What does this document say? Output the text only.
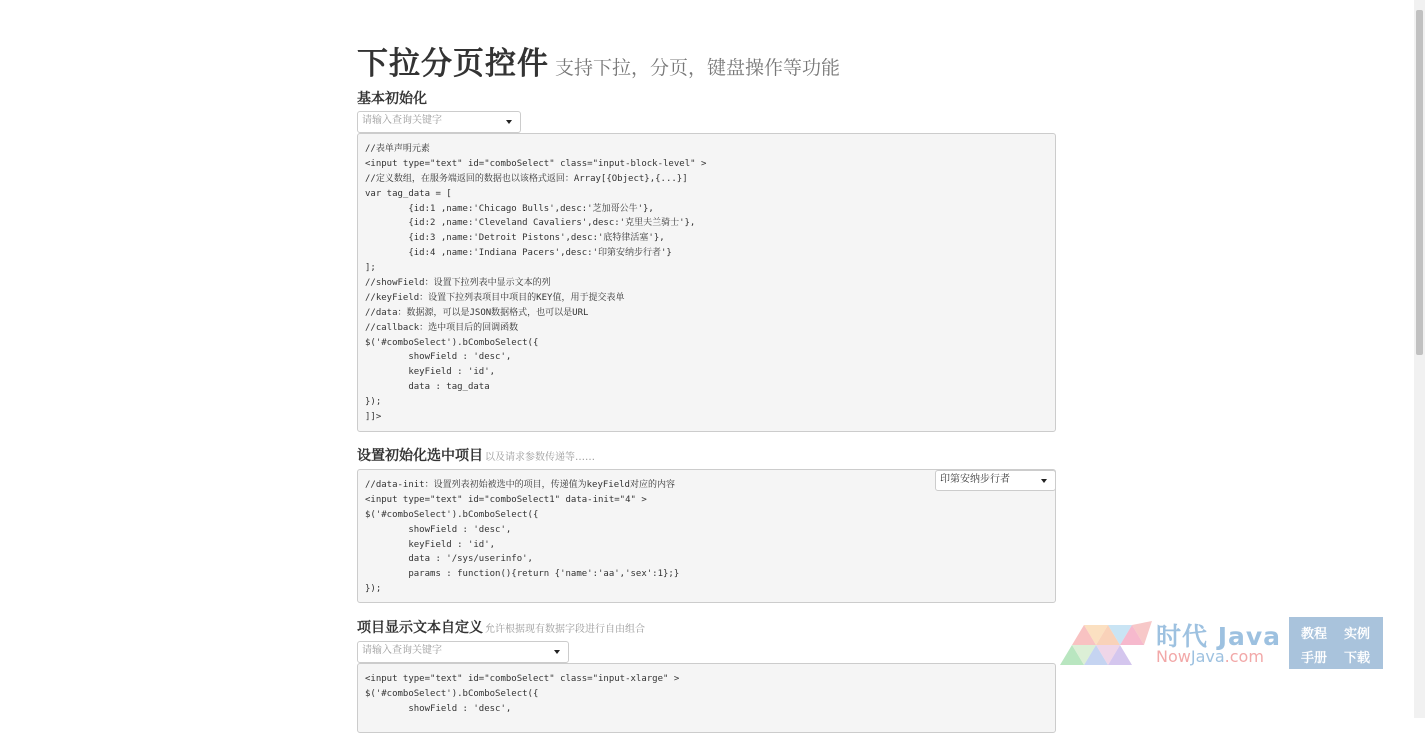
下拉分页控件 支持下拉，分页，键盘操作等功能
基本初始化
请输入查询关键字
//表单声明元素
<input type="text" id="comboSelect" class="input-block-level" >
//定义数组，在服务端返回的数据也以该格式返回：Array[{Object},{...}]
var tag_data = [
{id:1 ,name:'Chicago Bulls',desc:'芝加哥公牛'},
{id:2 ,name:'Cleveland Cavaliers',desc:'克里夫兰骑士'},
{id:3 ,name:'Detroit Pistons',desc:'底特律活塞'},
{id:4 ,name:'Indiana Pacers',desc:'印第安纳步行者'}
];
//showField：设置下拉列表中显示文本的列
//keyField：设置下拉列表项目中项目的KEY值，用于提交表单
//data：数据源，可以是JSON数据格式，也可以是URL
//callback：选中项目后的回调函数
$('#comboSelect').bComboSelect({
showField : 'desc',
keyField : 'id',
data : tag_data
});
]]>
设置初始化选中项目 以及请求参数传递等……
//data-init：设置列表初始被选中的项目，传递值为keyField对应的内容
<input type="text" id="comboSelect1" data-init="4" >
$('#comboSelect').bComboSelect({
showField : 'desc',
keyField : 'id',
data : '/sys/userinfo',
params : function(){return {'name':'aa','sex':1};}
});
印第安纳步行者
项目显示文本自定义 允许根据现有数据字段进行自由组合
请输入查询关键字
<input type="text" id="comboSelect" class="input-xlarge" >
$('#comboSelect').bComboSelect({
showField : 'desc',
时代 Java
NowJava.com
教程 实例
手册 下载
